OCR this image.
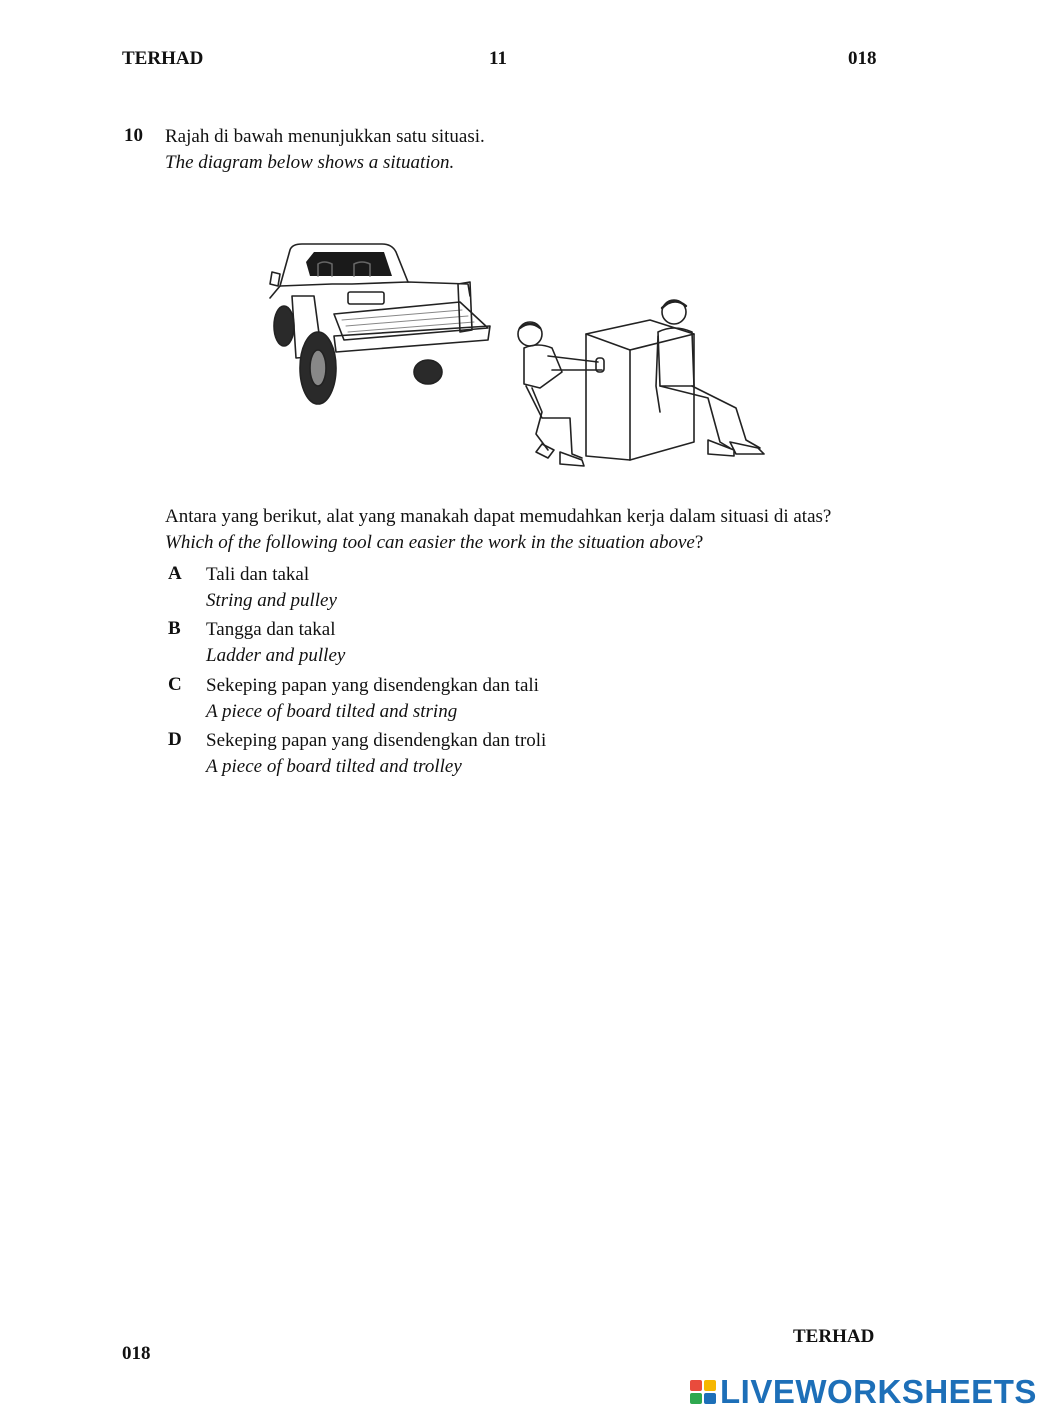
TERHAD	11	018
10 Rajah di bawah menunjukkan satu situasi.
The diagram below shows a situation.
Antara yang berikut, alat yang manakah dapat memudahkan kerja dalam situasi di atas?
Which of the following tool can easier the work in the situation above?
A Tali dan takal
String and pulley
B Tangga dan takal
Ladder and pulley
C Sekeping papan yang disendengkan dan tali
A piece of board tilted and string
D Sekeping papan yang disendengkan dan troli
A piece of board tilted and trolley
TERHAD
018
LIVEWORKSHEETS
